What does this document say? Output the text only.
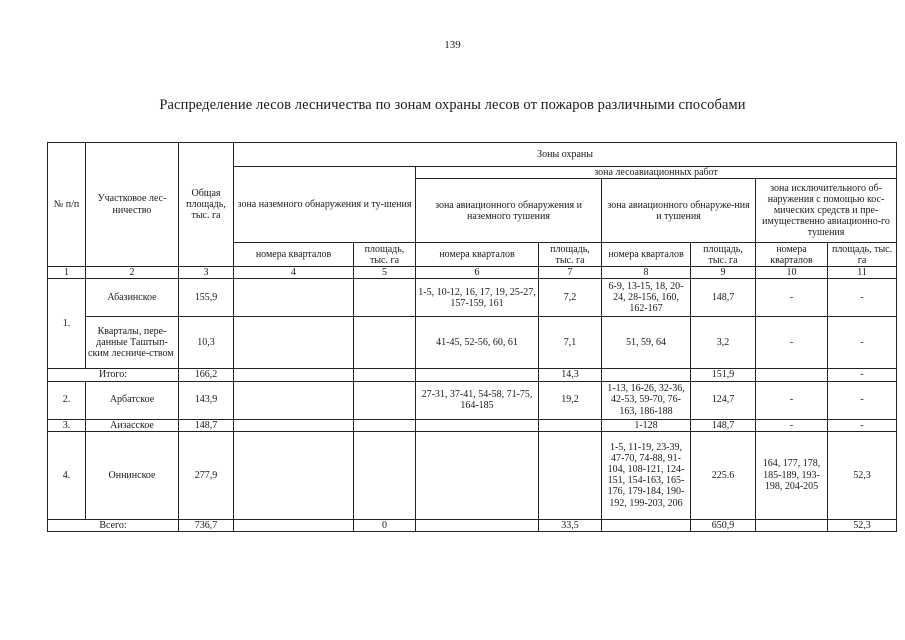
139
Распределение лесов лесничества по зонам охраны лесов от пожаров различными способами
№ п/п	Участковое лес-ничество	Общая площадь, тыс. га	Зоны охраны							
			зона наземного обнаружения и ту-шения		зона лесоавиационных работ					
					зона авиационного обнаружения и наземного тушения		зона авиационного обнаруже-ния и тушения		зона исключительного об-наружения с помощью кос-мических средств и пре-имущественно авиационно-го тушения	
			номера кварталов	площадь, тыс. га	номера кварталов	площадь, тыс. га	номера кварталов	площадь, тыс. га	номера кварталов	площадь, тыс. га
1	2	3	4	5	6	7	8	9	10	11
1.	Абазинское	155,9			1-5, 10-12, 16, 17, 19, 25-27, 157-159, 161	7,2	6-9, 13-15, 18, 20-24, 28-156, 160, 162-167	148,7	-	-
	Кварталы, пере-данные Таштып-ским лесниче-ством	10,3			41-45, 52-56, 60, 61	7,1	51, 59, 64	3,2	-	-
Итого:		166,2				14,3		151,9		-
2.	Арбатское	143,9			27-31, 37-41, 54-58, 71-75, 164-185	19,2	1-13, 16-26, 32-36, 42-53, 59-70, 76-163, 186-188	124,7	-	-
3.	Аизасское	148,7					1-128	148,7	-	-
4.	Оннинское	277,9					1-5, 11-19, 23-39, 47-70, 74-88, 91-104, 108-121, 124-151, 154-163, 165-176, 179-184, 190-192, 199-203, 206	225.6	164, 177, 178, 185-189, 193-198, 204-205	52,3
Всего:		736,7		0		33,5		650,9		52,3
